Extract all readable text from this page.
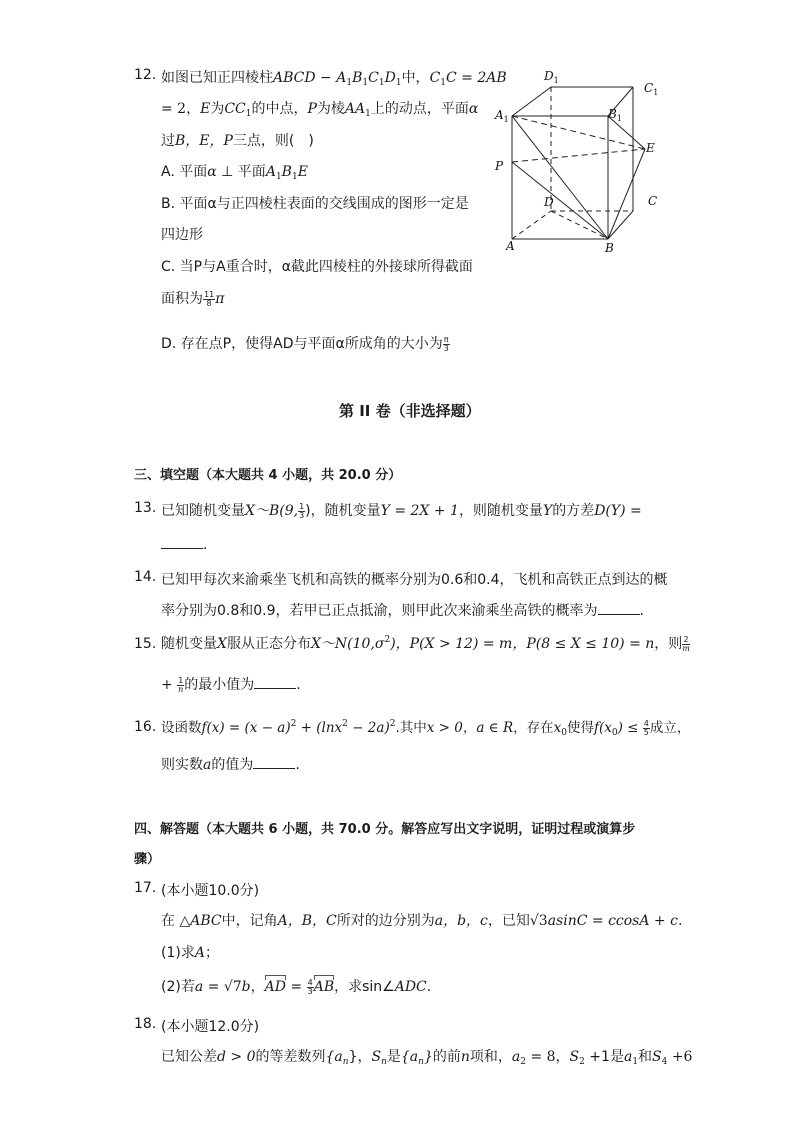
12. 如图已知正四棱柱ABCD − $A_1B_1C_1D_1$中，$C_1C = 2AB$
= 2，E为$CC_1$的中点，P为棱$AA_1$上的动点，平面α
过B，E，P三点，则(　)
A. 平面α ⊥ 平面$A_1B_1E$
B. 平面α与正四棱柱表面的交线围成的图形一定是
四边形
C. 当P与A重合时，α截此四棱柱的外接球所得截面
面积为 $\frac{11}{8}$ π
D. 存在点P，使得AD与平面α所成角的大小为 $\frac{\pi}{3}$
$D_1$
$C_1$
$A_1$	$B_1$
E
P
D	C
A	B
第 II 卷（非选择题）
三、填空题（本大题共 4 小题，共 20.0 分）
13. 已知随机变量X～B(9, $\frac{1}{3}$ )，随机变量Y = 2X + 1，则随机变量Y的方差D(Y) =
.
14. 已知甲每次来渝乘坐飞机和高铁的概率分别为0.6和0.4，飞机和高铁正点到达的概
率分别为0.8和0.9，若甲已正点抵渝，则甲此次来渝乘坐高铁的概率为	.
15. 随机变量X服从正态分布$X\sim N(10,\sigma^2)$，P(X > 12) = m，P(8 ≤ X ≤ 10) = n，则 $\frac{2}{m}$
+ $\frac{1}{n}$ 的最小值为	.
16. 设函数$f(x) = (x - a)^2 + (\ln x^2 - 2a)^2$.其中x > 0，a ∈ R，存在$x_0$使得$f(x_0) \le \frac{4}{5}$ 成立，
则实数a的值为	.
四、解答题（本大题共 6 小题，共 70.0 分。解答应写出文字说明，证明过程或演算步
骤）
17. (本小题10.0分)
在 △ABC中，记角A，B，C所对的边分别为a，b，c，已知√3asinC = ccosA + c.
(1)求A；
(2)若a = √7b，AD = $\frac{4}{3}$ AB，求sin∠ADC.
18. (本小题12.0分)
已知公差d > 0的等差数列$\{a_n\}$，$S_n$是$\{a_n\}$的前n项和，$a_2 = 8$，$S_2 +1$是$a_1$和$S_4 +6$
